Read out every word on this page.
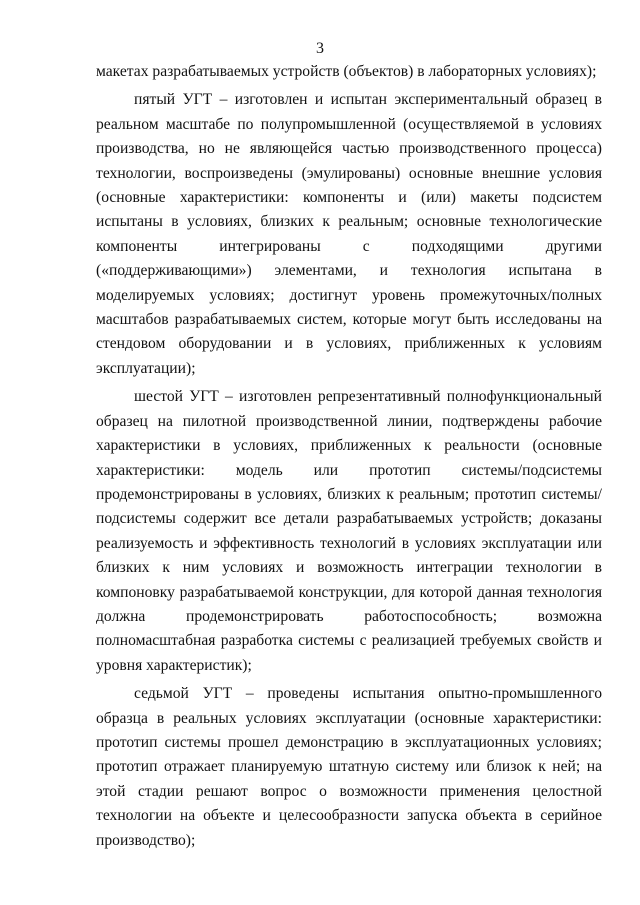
3

макетах разрабатываемых устройств (объектов) в лабораторных условиях);

пятый УГТ – изготовлен и испытан экспериментальный образец в реальном масштабе по полупромышленной (осуществляемой в условиях производства, но не являющейся частью производственного процесса) технологии, воспроизведены (эмулированы) основные внешние условия (основные характеристики: компоненты и (или) макеты подсистем испытаны в условиях, близких к реальным; основные технологические компоненты интегрированы с подходящими другими («поддерживающими») элементами, и технология испытана в моделируемых условиях; достигнут уровень промежуточных/полных масштабов разрабатываемых систем, которые могут быть исследованы на стендовом оборудовании и в условиях, приближенных к условиям эксплуатации);

шестой УГТ – изготовлен репрезентативный полнофункциональный образец на пилотной производственной линии, подтверждены рабочие характеристики в условиях, приближенных к реальности (основные характеристики: модель или прототип системы/подсистемы продемонстрированы в условиях, близких к реальным; прототип системы/подсистемы содержит все детали разрабатываемых устройств; доказаны реализуемость и эффективность технологий в условиях эксплуатации или близких к ним условиях и возможность интеграции технологии в компоновку разрабатываемой конструкции, для которой данная технология должна продемонстрировать работоспособность; возможна полномасштабная разработка системы с реализацией требуемых свойств и уровня характеристик);

седьмой УГТ – проведены испытания опытно-промышленного образца в реальных условиях эксплуатации (основные характеристики: прототип системы прошел демонстрацию в эксплуатационных условиях; прототип отражает планируемую штатную систему или близок к ней; на этой стадии решают вопрос о возможности применения целостной технологии на объекте и целесообразности запуска объекта в серийное производство);
